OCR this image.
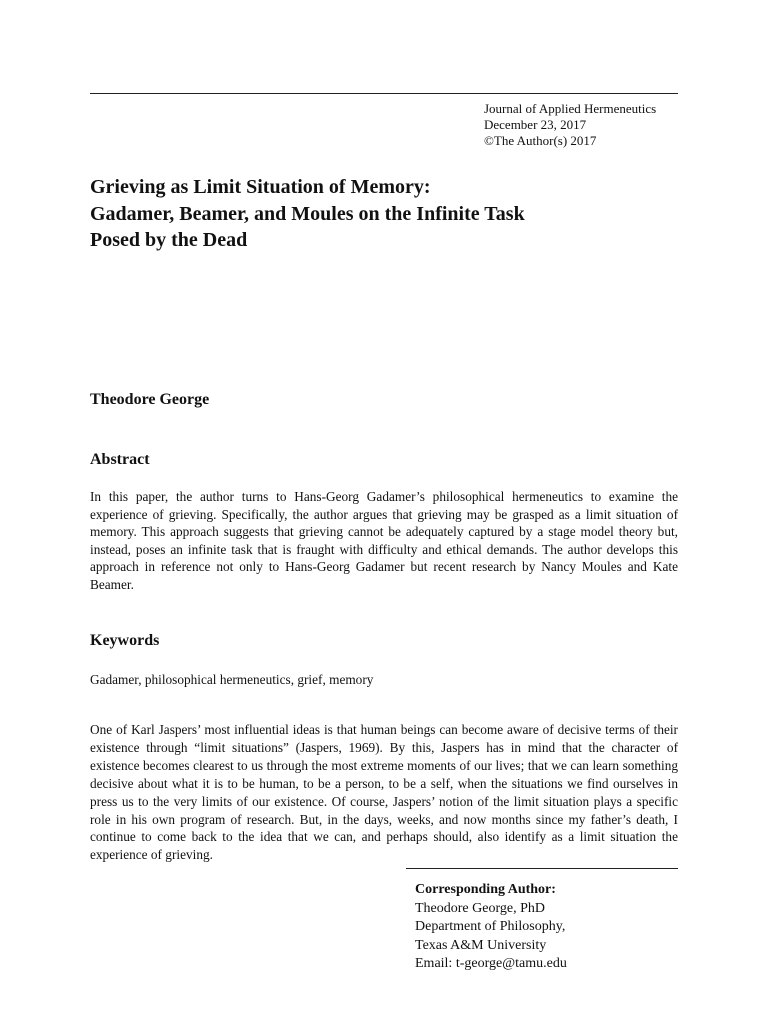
Journal of Applied Hermeneutics
December 23, 2017
©The Author(s) 2017
Grieving as Limit Situation of Memory:
Gadamer, Beamer, and Moules on the Infinite Task
Posed by the Dead
Theodore George
Abstract
In this paper, the author turns to Hans-Georg Gadamer’s philosophical hermeneutics to examine the experience of grieving. Specifically, the author argues that grieving may be grasped as a limit situation of memory. This approach suggests that grieving cannot be adequately captured by a stage model theory but, instead, poses an infinite task that is fraught with difficulty and ethical demands. The author develops this approach in reference not only to Hans-Georg Gadamer but recent research by Nancy Moules and Kate Beamer.
Keywords
Gadamer, philosophical hermeneutics, grief, memory
One of Karl Jaspers’ most influential ideas is that human beings can become aware of decisive terms of their existence through “limit situations” (Jaspers, 1969). By this, Jaspers has in mind that the character of existence becomes clearest to us through the most extreme moments of our lives; that we can learn something decisive about what it is to be human, to be a person, to be a self, when the situations we find ourselves in press us to the very limits of our existence. Of course, Jaspers’ notion of the limit situation plays a specific role in his own program of research. But, in the days, weeks, and now months since my father’s death, I continue to come back to the idea that we can, and perhaps should, also identify as a limit situation the experience of grieving.
Corresponding Author:
Theodore George, PhD
Department of Philosophy,
Texas A&M University
Email: t-george@tamu.edu
